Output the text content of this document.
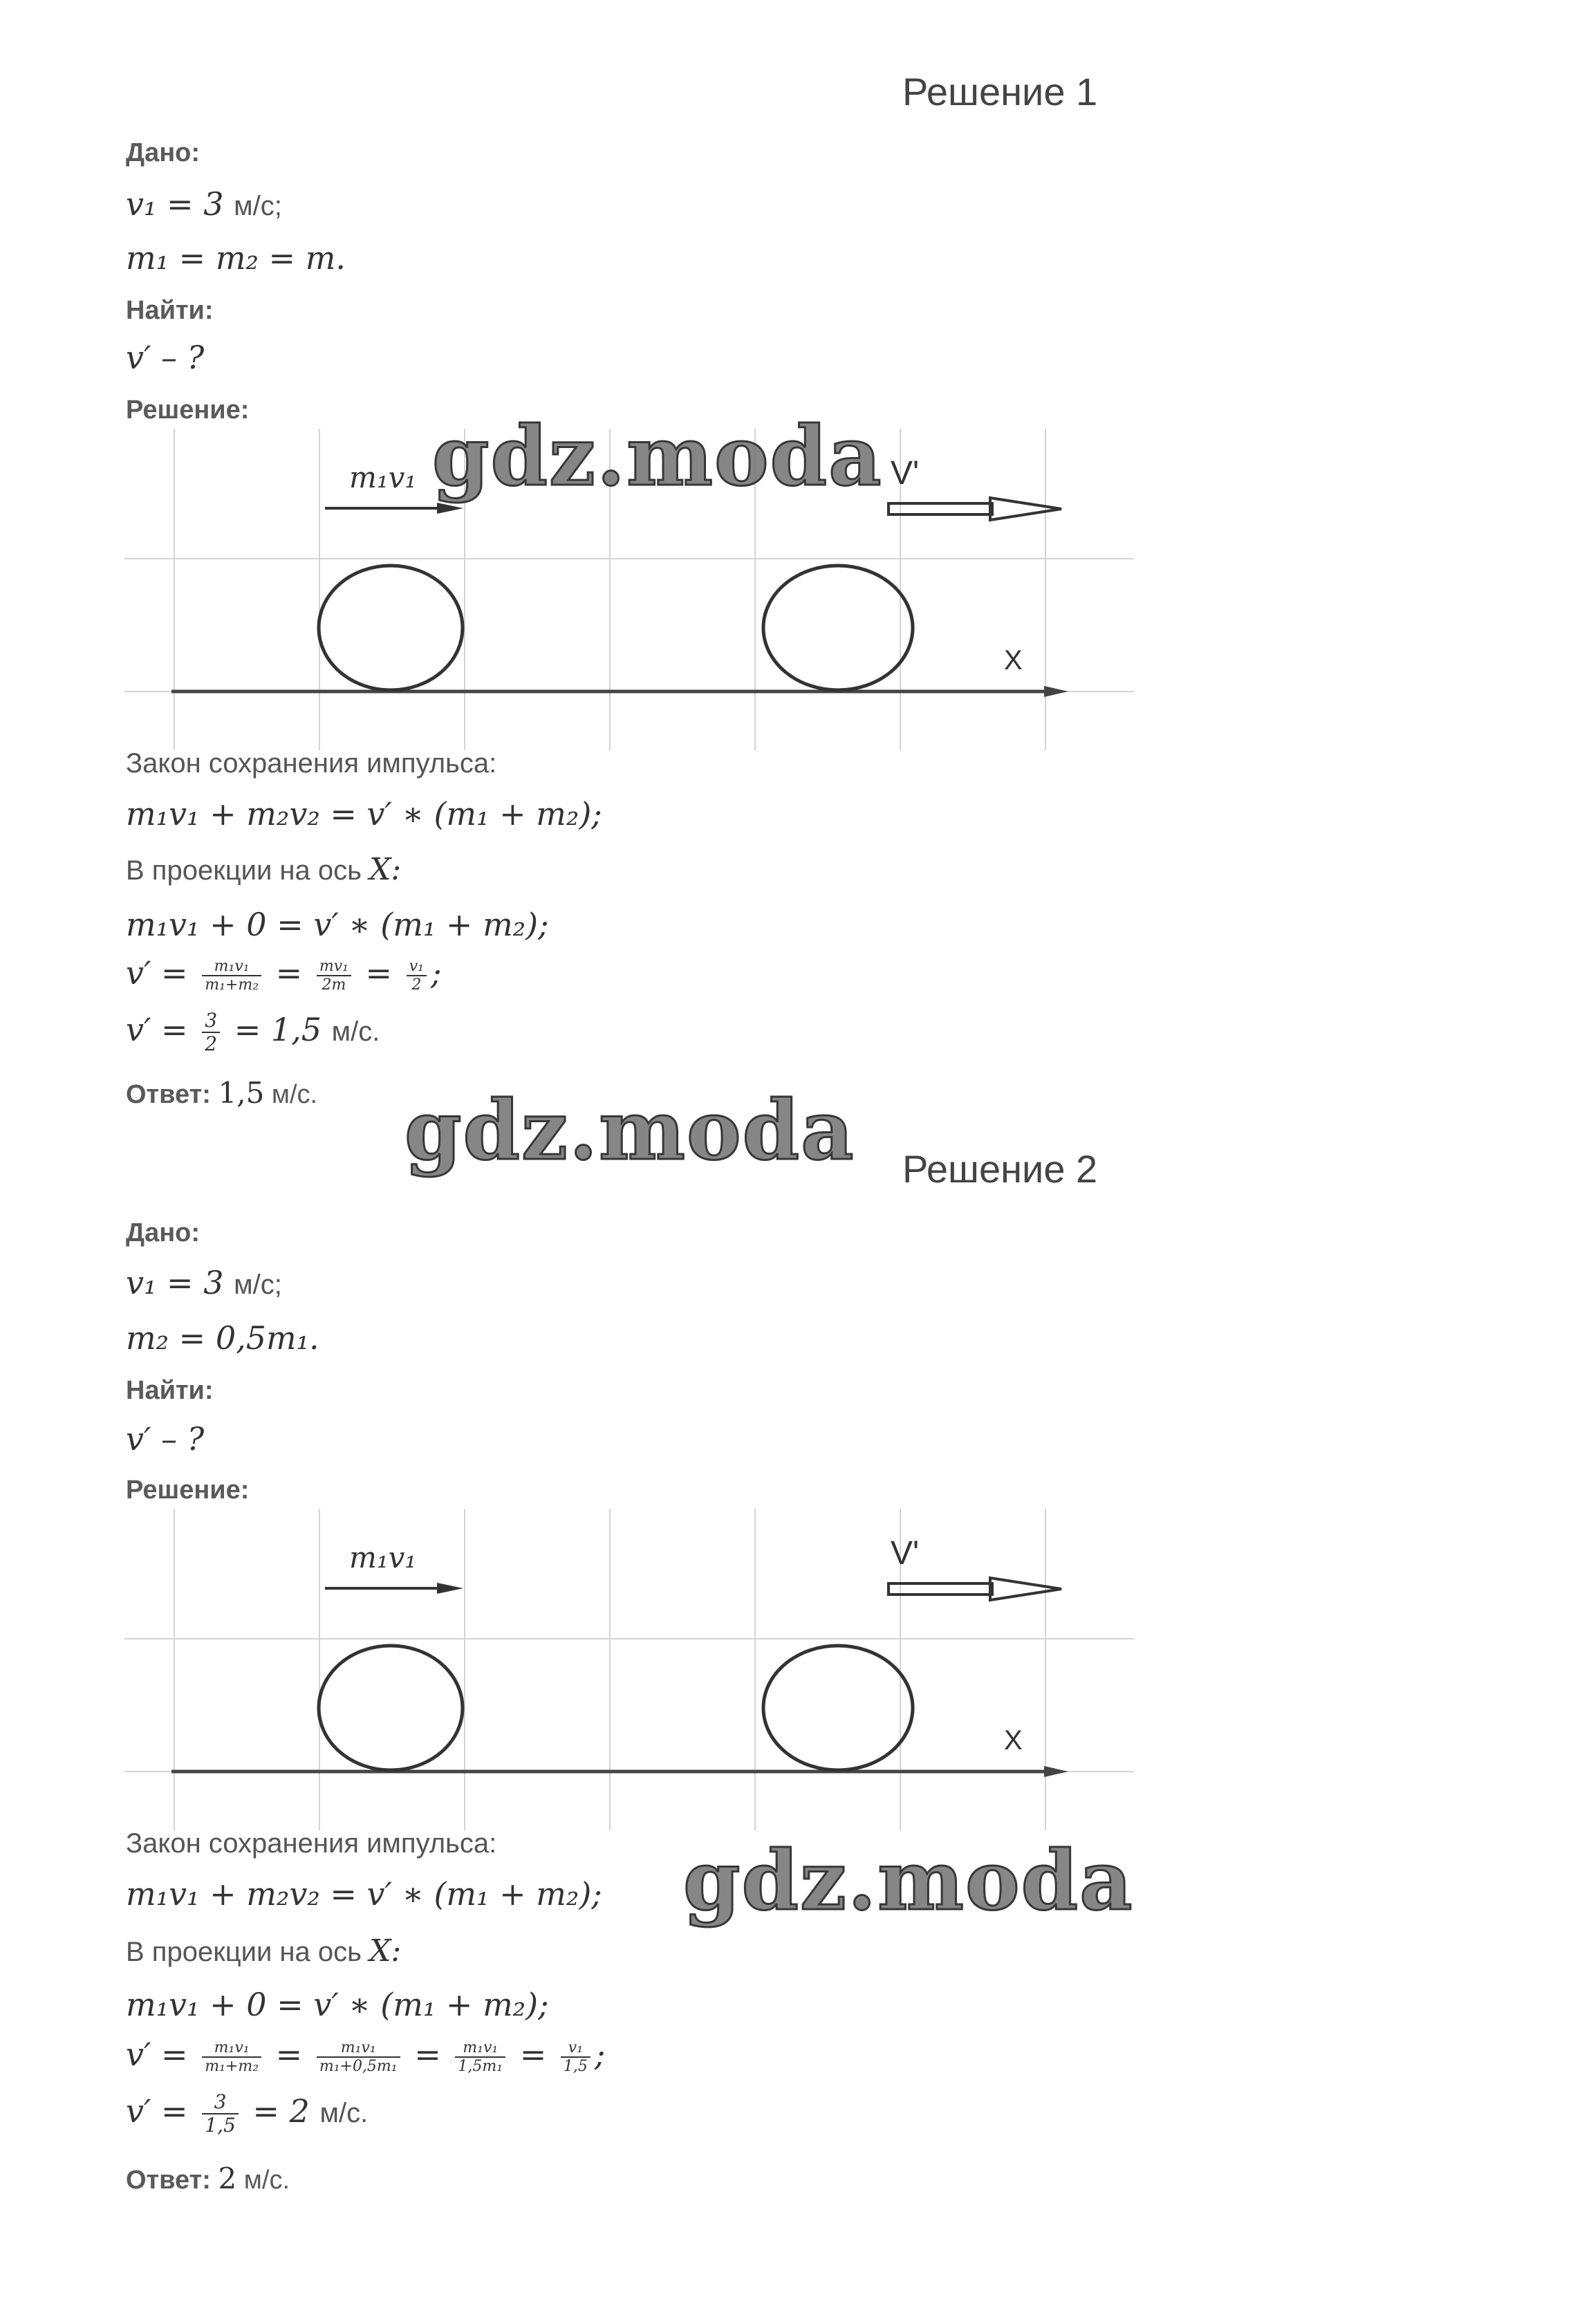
Решение 1
Дано:
v₁ = 3 м/с;
m₁ = m₂ = m.
Найти:
v′ – ?
Решение:
X
m₁v₁	V'
Закон сохранения импульса:
m₁v₁ + m₂v₂ = v′ ∗ (m₁ + m₂);
В проекции на ось X:
m₁v₁ + 0 = v′ ∗ (m₁ + m₂);
$v' = \frac{\text{m₁v₁}}{\text{m₁+m₂}} = \frac{\text{mv₁}}{2m} = \frac{\text{v₁}}{2}$ ;
$v' = \frac{3}{2} = 1,5$ м/с.
Ответ: 1,5 м/с.
Решение 2
Дано:
v₁ = 3 м/с;
m₂ = 0,5m₁.
Найти:
v′ – ?
Решение:
X
m₁v₁	V'
Закон сохранения импульса:
m₁v₁ + m₂v₂ = v′ ∗ (m₁ + m₂);
В проекции на ось X:
m₁v₁ + 0 = v′ ∗ (m₁ + m₂);
$v' = \frac{\text{m₁v₁}}{\text{m₁+m₂}} = \frac{\text{m₁v₁}}{\text{m₁+0,5m₁}} = \frac{\text{m₁v₁}}{\text{1,5m₁}} = \frac{\text{v₁}}{1,5}$ ;
$v' = \frac{3}{1,5} = 2$ м/с.
Ответ: 2 м/с.
gdz.moda
gdz.moda
gdz.moda
